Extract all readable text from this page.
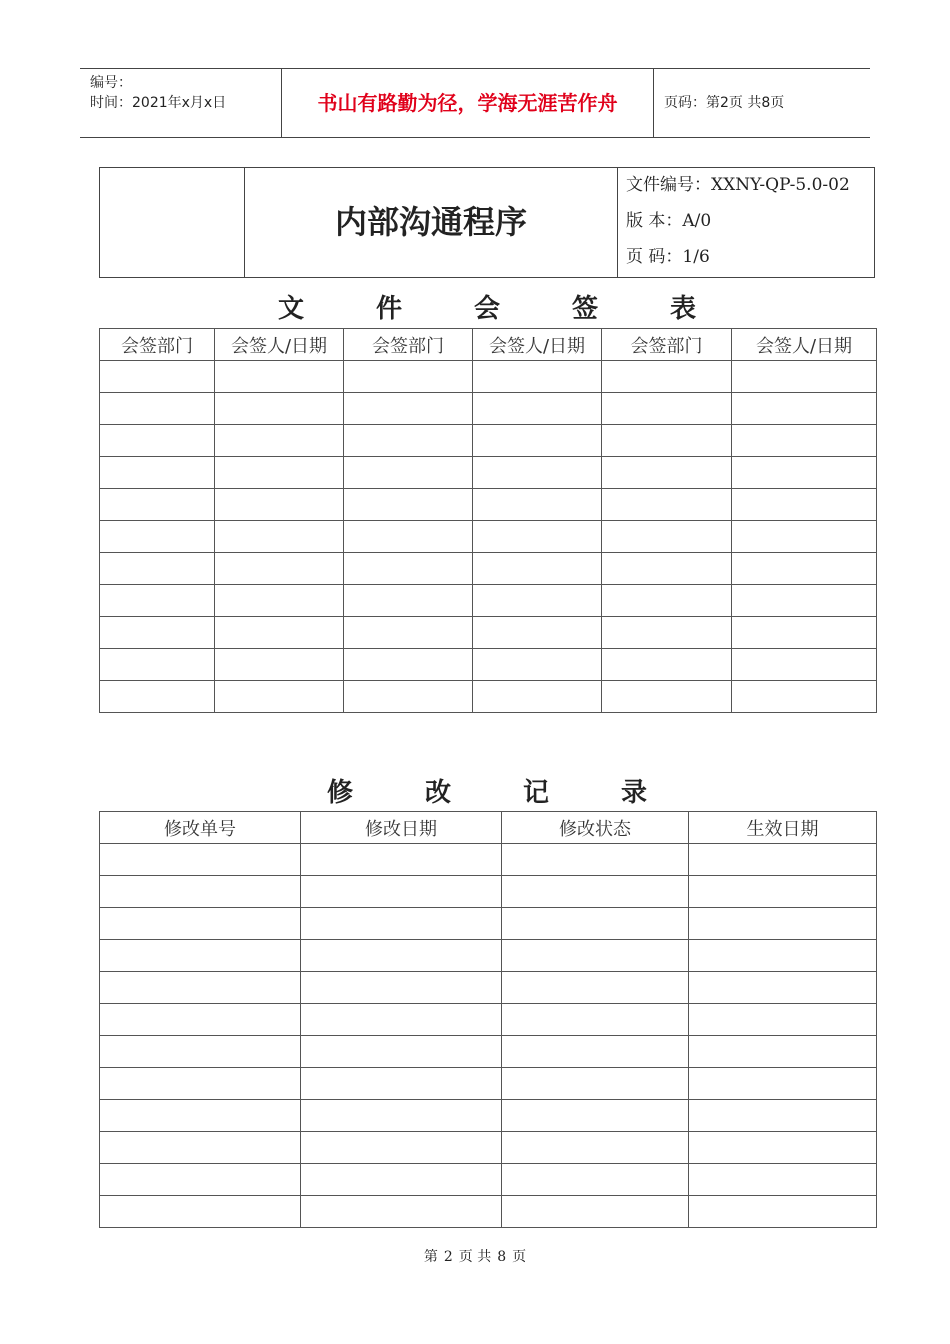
编号：
时间：2021年x月x日	书山有路勤为径，学海无涯苦作舟	页码：第2页 共8页
内部沟通程序
文件编号：XXNY-QP-5.0-02
版 本：A/0
页 码：1/6
文	件	会	签	表
会签部门	会签人/日期	会签部门	会签人/日期	会签部门	会签人/日期

修	改	记	录
修改单号	修改日期	修改状态	生效日期

第 2 页 共 8 页
